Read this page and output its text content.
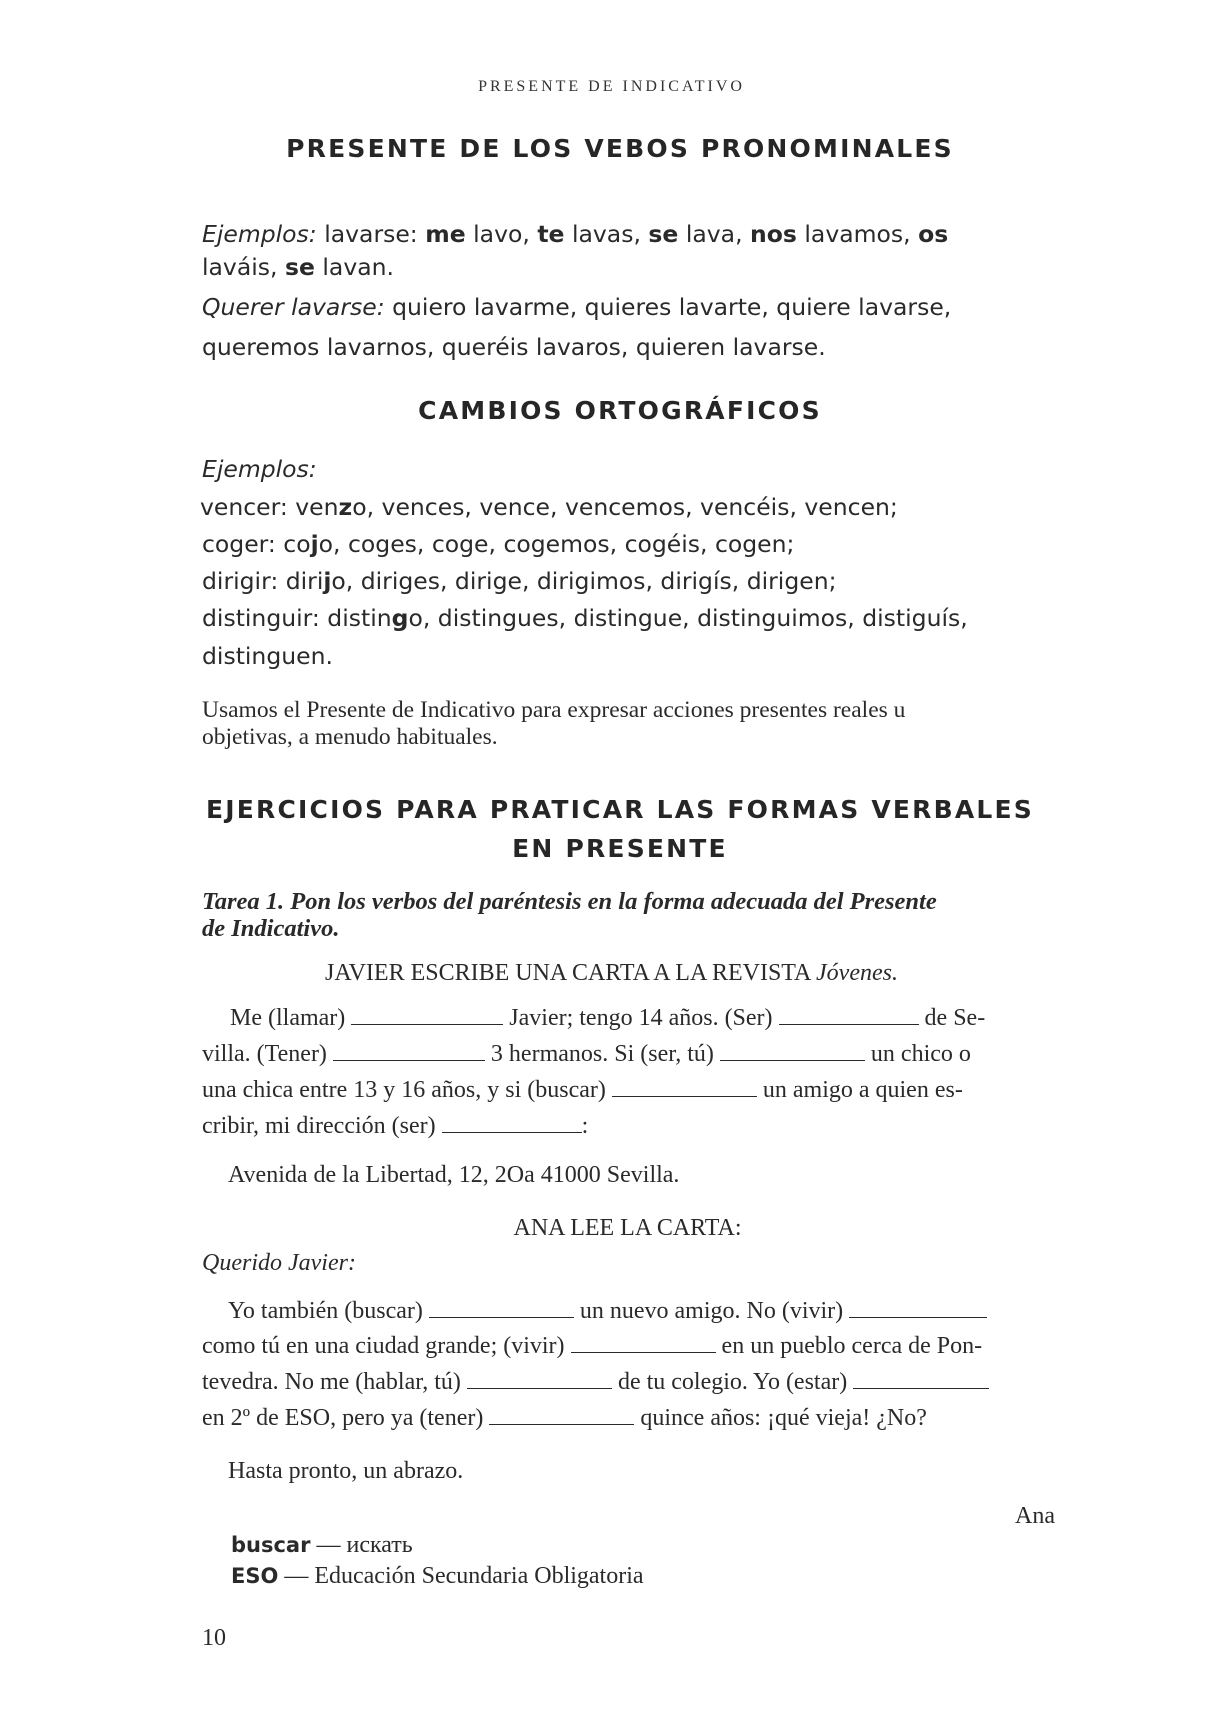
PRESENTE DE INDICATIVO
PRESENTE DE LOS VEBOS PRONOMINALES
Ejemplos: lavarse: me lavo, te lavas, se lava, nos lavamos, os
laváis, se lavan.
Querer lavarse: quiero lavarme, quieres lavarte, quiere lavarse,
queremos lavarnos, queréis lavaros, quieren lavarse.
CAMBIOS ORTOGRÁFICOS
Ejemplos:
vencer: venzo, vences, vence, vencemos, vencéis, vencen;
coger: cojo, coges, coge, cogemos, cogéis, cogen;
dirigir: dirijo, diriges, dirige, dirigimos, dirigís, dirigen;
distinguir: distingo, distingues, distingue, distinguimos, distiguís,
distinguen.
Usamos el Presente de Indicativo para expresar acciones presentes reales u
objetivas, a menudo habituales.
EJERCICIOS PARA PRATICAR LAS FORMAS VERBALES
EN PRESENTE
Tarea 1. Pon los verbos del paréntesis en la forma adecuada del Presente
de Indicativo.
JAVIER ESCRIBE UNA CARTA A LA REVISTA Jóvenes.
Me (llamar)	Javier; tengo 14 años. (Ser)	de Se-
villa. (Tener)	3 hermanos. Si (ser, tú)	un chico o
una chica entre 13 y 16 años, y si (buscar)	un amigo a quien es-
cribir, mi dirección (ser)	:
Avenida de la Libertad, 12, 2Оa 41000 Sevilla.
ANA LEE LA CARTA:
Querido Javier:
Yo también (buscar)	un nuevo amigo. No (vivir)
como tú en una ciudad grande; (vivir)	en un pueblo cerca de Pon-
tevedra. No me (hablar, tú)	de tu colegio. Yo (estar)
en 2º de ESO, pero ya (tener)	quince años: ¡qué vieja! ¿No?
Hasta pronto, un abrazo.
Ana
buscar — искать
ESO — Educación Secundaria Obligatoria
10
